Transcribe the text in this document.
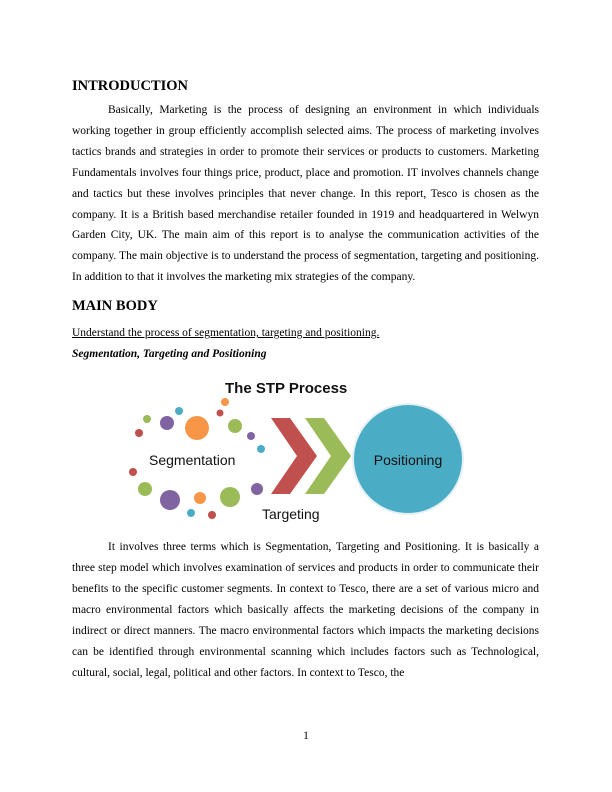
INTRODUCTION

Basically, Marketing is the process of designing an environment in which individuals working together in group efficiently accomplish selected aims. The process of marketing involves tactics brands and strategies in order to promote their services or products to customers. Marketing Fundamentals involves four things price, product, place and promotion. IT involves channels change and tactics but these involves principles that never change. In this report, Tesco is chosen as the company. It is a British based merchandise retailer founded in 1919 and headquartered in Welwyn Garden City, UK. The main aim of this report is to analyse the communication activities of the company. The main objective is to understand the process of segmentation, targeting and positioning. In addition to that it involves the marketing mix strategies of the company.

MAIN BODY
Understand the process of segmentation, targeting and positioning.
Segmentation, Targeting and Positioning
The STP Process
Segmentation
Targeting
Positioning

It involves three terms which is Segmentation, Targeting and Positioning. It is basically a three step model which involves examination of services and products in order to communicate their benefits to the specific customer segments. In context to Tesco, there are a set of various micro and macro environmental factors which basically affects the marketing decisions of the company in indirect or direct manners. The macro environmental factors which impacts the marketing decisions can be identified through environmental scanning which includes factors such as Technological, cultural, social, legal, political and other factors. In context to Tesco, the

1
